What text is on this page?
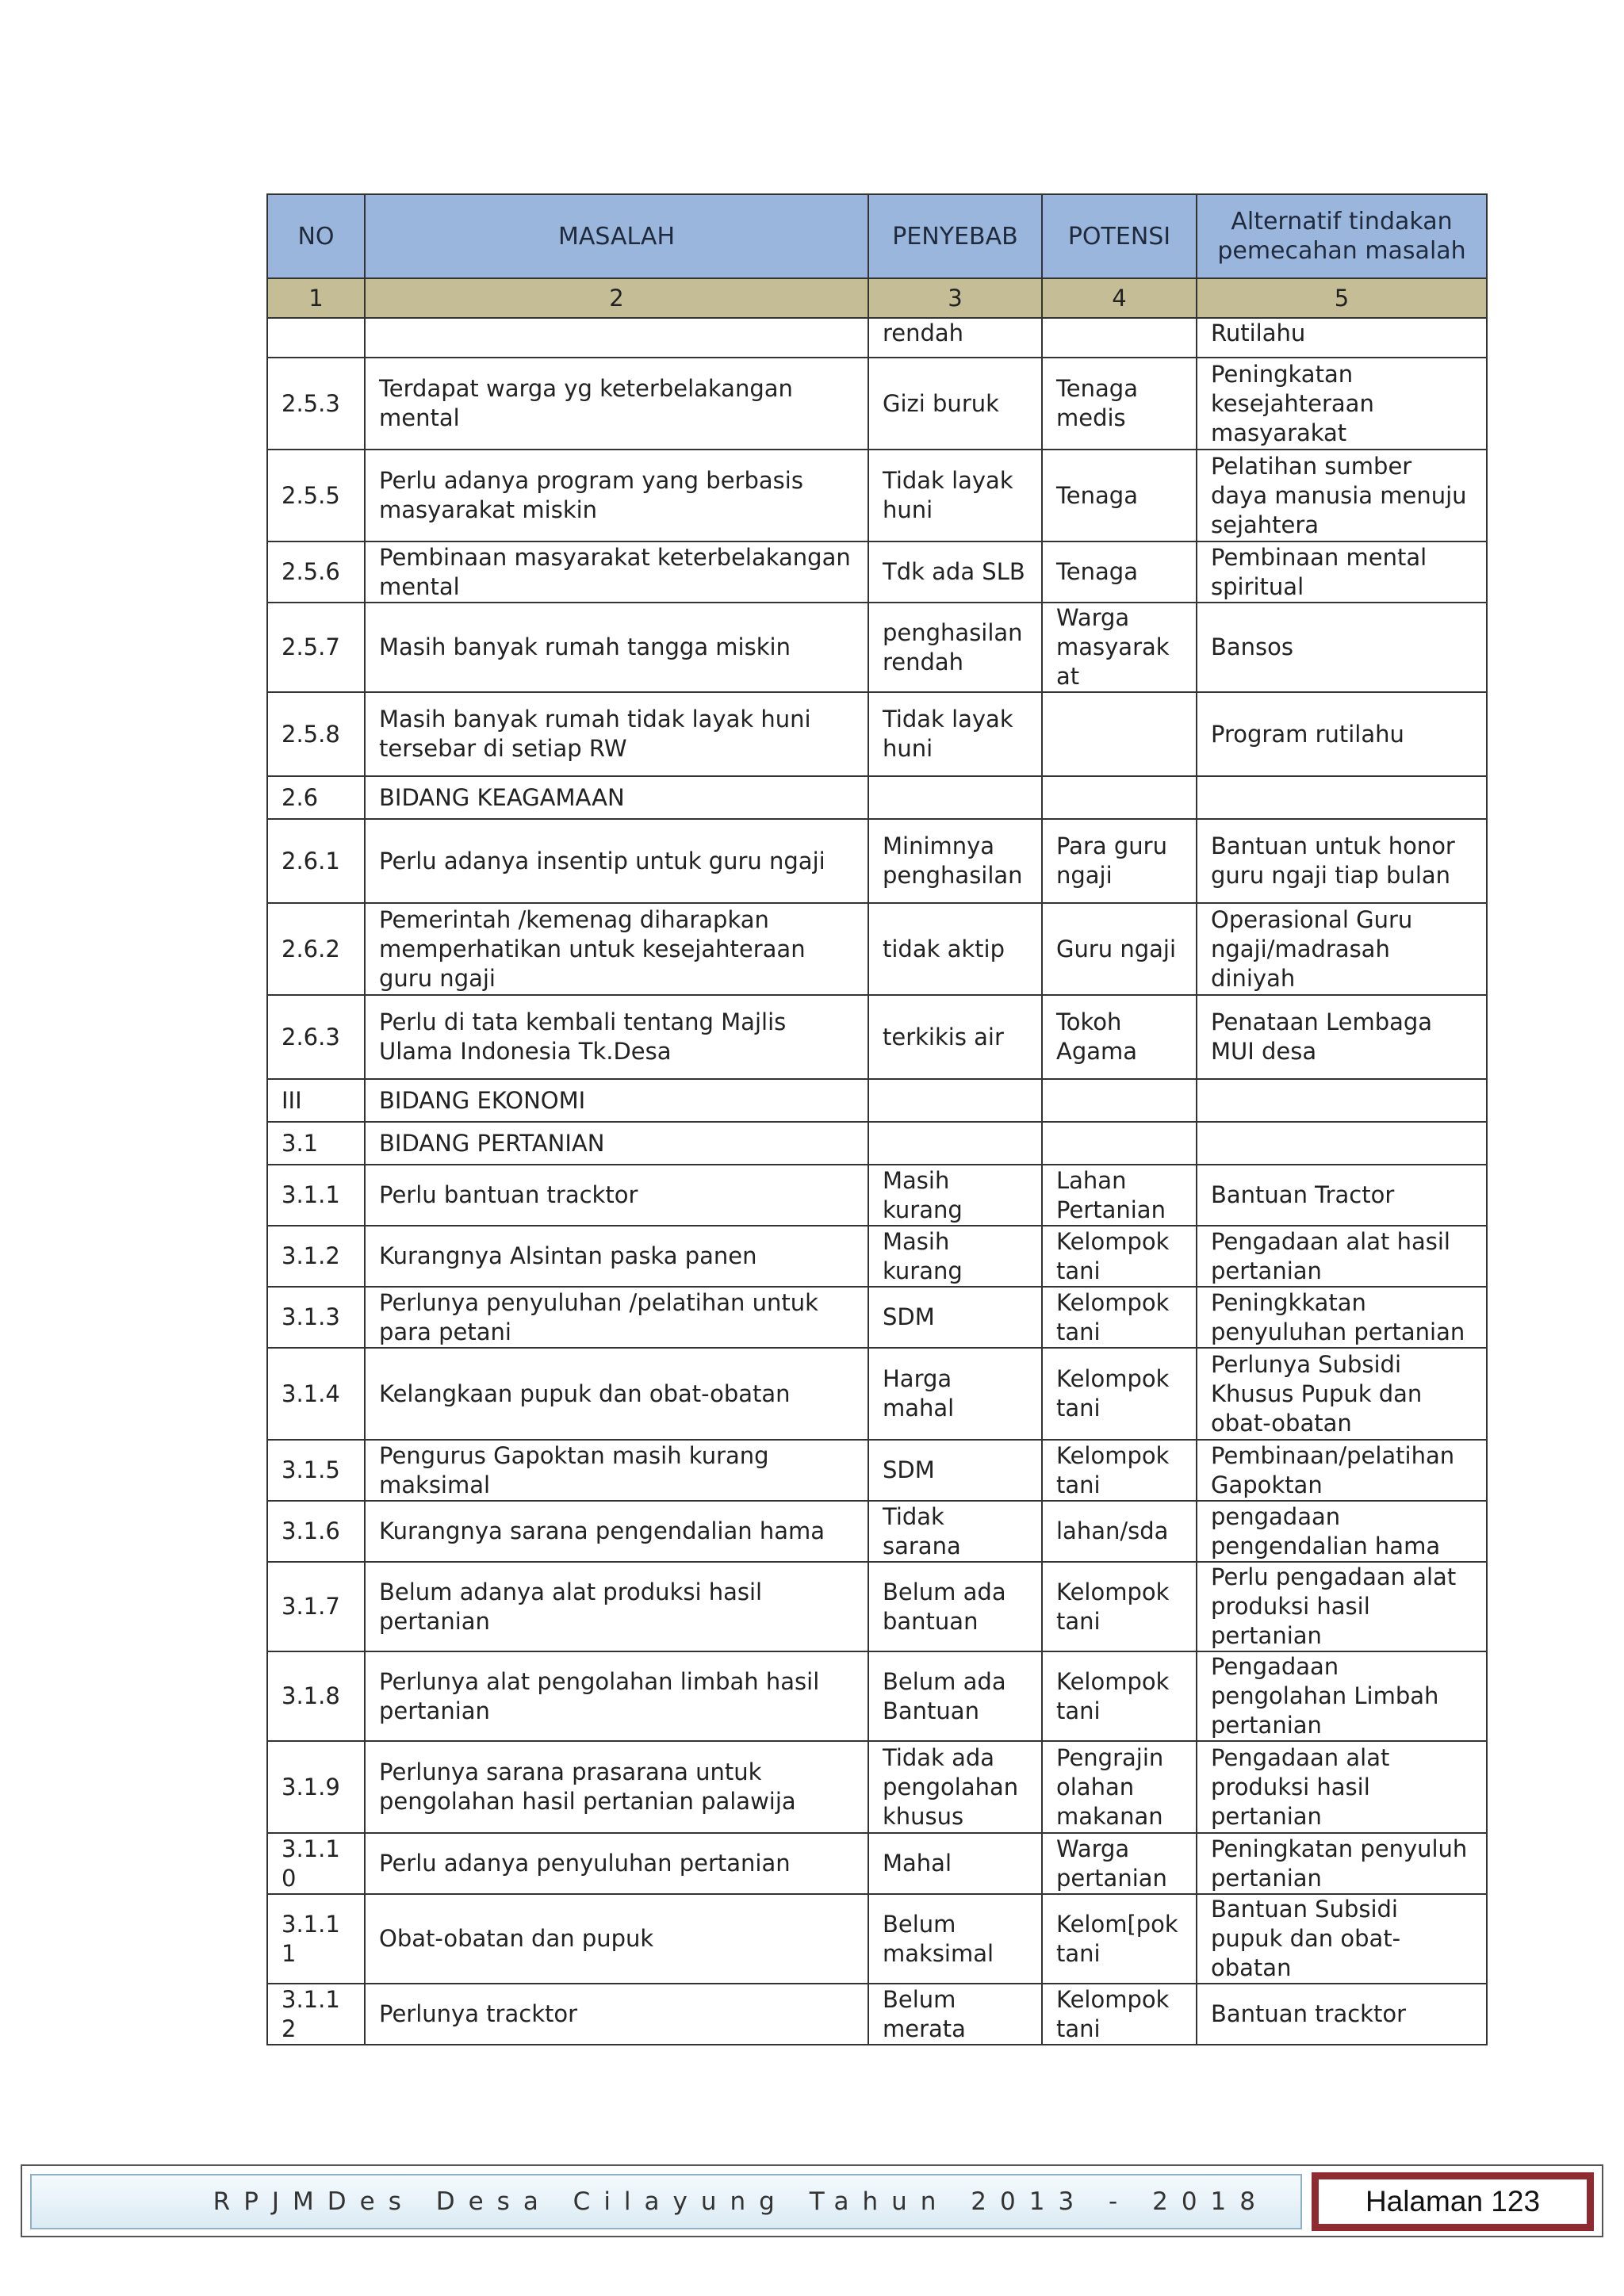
NO	MASALAH	PENYEBAB	POTENSI	Alternatif tindakan
pemecahan masalah

1	2	3	4	5
		rendah		Rutilahu
2.5.3	Terdapat warga yg keterbelakangan mental	Gizi buruk	Tenaga medis	Peningkatan kesejahteraan masyarakat
2.5.5	Perlu adanya program yang berbasis masyarakat miskin	Tidak layak huni	Tenaga	Pelatihan sumber daya manusia menuju sejahtera
2.5.6	Pembinaan masyarakat keterbelakangan mental	Tdk ada SLB	Tenaga	Pembinaan mental spiritual
2.5.7	Masih banyak rumah tangga miskin	penghasilan rendah	Warga masyarakat	Bansos
2.5.8	Masih banyak rumah tidak layak huni tersebar di setiap RW	Tidak layak huni		Program rutilahu
2.6	BIDANG KEAGAMAAN			
2.6.1	Perlu adanya insentip untuk guru ngaji	Minimnya penghasilan	Para guru ngaji	Bantuan untuk honor guru ngaji tiap bulan
2.6.2	Pemerintah /kemenag diharapkan memperhatikan untuk kesejahteraan guru ngaji	tidak aktip	Guru ngaji	Operasional Guru ngaji/madrasah diniyah
2.6.3	Perlu di tata kembali tentang Majlis Ulama Indonesia Tk.Desa	terkikis air	Tokoh Agama	Penataan Lembaga MUI desa
III	BIDANG EKONOMI			
3.1	BIDANG PERTANIAN			
3.1.1	Perlu bantuan tracktor	Masih kurang	Lahan Pertanian	Bantuan Tractor
3.1.2	Kurangnya Alsintan paska panen	Masih kurang	Kelompok tani	Pengadaan alat hasil pertanian
3.1.3	Perlunya penyuluhan /pelatihan untuk para petani	SDM	Kelompok tani	Peningkkatan penyuluhan pertanian
3.1.4	Kelangkaan pupuk dan obat-obatan	Harga mahal	Kelompok tani	Perlunya Subsidi Khusus Pupuk dan obat-obatan
3.1.5	Pengurus Gapoktan masih kurang maksimal	SDM	Kelompok tani	Pembinaan/pelatihan Gapoktan
3.1.6	Kurangnya sarana pengendalian hama	Tidak sarana	lahan/sda	pengadaan pengendalian hama
3.1.7	Belum adanya alat produksi hasil pertanian	Belum ada bantuan	Kelompok tani	Perlu pengadaan alat produksi hasil pertanian
3.1.8	Perlunya alat pengolahan limbah hasil pertanian	Belum ada Bantuan	Kelompok tani	Pengadaan pengolahan Limbah pertanian
3.1.9	Perlunya sarana prasarana untuk pengolahan hasil pertanian palawija	Tidak ada pengolahan khusus	Pengrajin olahan makanan	Pengadaan alat produksi hasil pertanian
3.1.10	Perlu adanya penyuluhan pertanian	Mahal	Warga pertanian	Peningkatan penyuluh pertanian
3.1.11	Obat-obatan dan pupuk	Belum maksimal	Kelom[pok tani	Bantuan Subsidi pupuk dan obat-obatan
3.1.12	Perlunya tracktor	Belum merata	Kelompok tani	Bantuan tracktor
RPJMDes Desa Cilayung Tahun 2013 - 2018	Halaman 123
